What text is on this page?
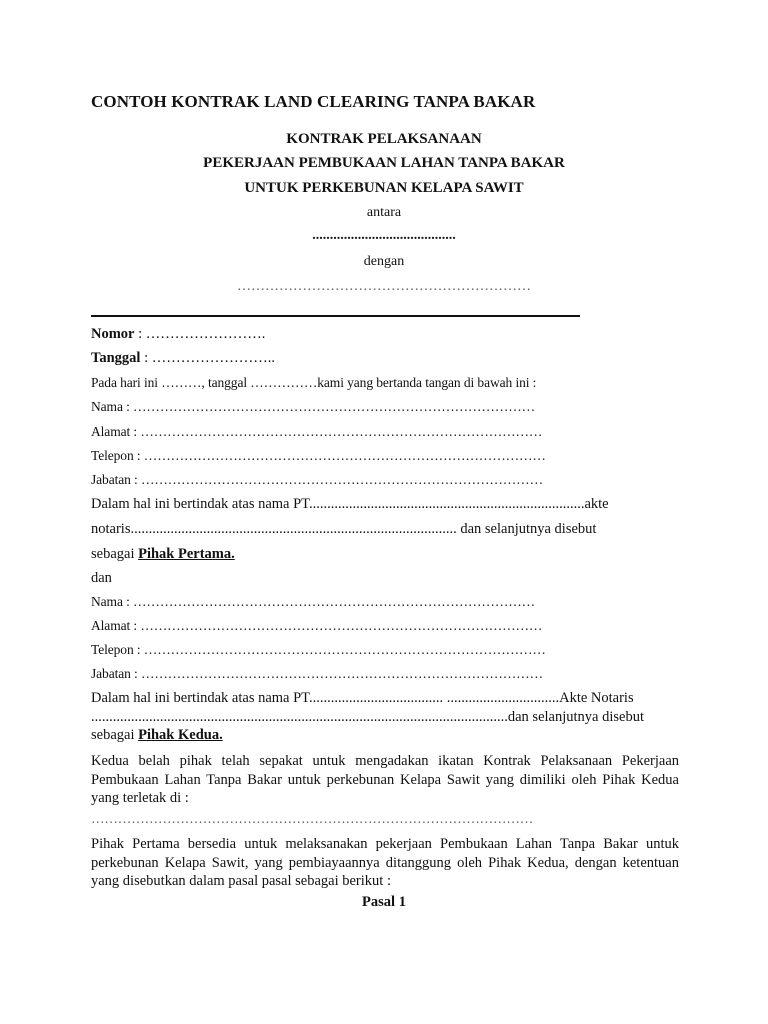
CONTOH KONTRAK LAND CLEARING TANPA BAKAR
KONTRAK PELAKSANAAN
PEKERJAAN PEMBUKAAN LAHAN TANPA BAKAR
UNTUK PERKEBUNAN KELAPA SAWIT
antara
.........................................
dengan
………………………………………………………
Nomor : …………………….
Tanggal : ……………………..
Pada hari ini ………, tanggal ……………kami yang bertanda tangan di bawah ini :
Nama : ………………………………………………………………………………
Alamat : ………………………………………………………………………………
Telepon : ………………………………………………………………………………
Jabatan : ………………………………………………………………………………
Dalam hal ini bertindak atas nama PT............................................................................akte
notaris.......................................................................................... dan selanjutnya disebut
sebagai Pihak Pertama.
dan
Nama : ………………………………………………………………………………
Alamat : ………………………………………………………………………………
Telepon : ………………………………………………………………………………
Jabatan : ………………………………………………………………………………
Dalam hal ini bertindak atas nama PT..................................... ...............................Akte Notaris
...................................................................................................................dan selanjutnya disebut
sebagai Pihak Kedua.
Kedua belah pihak telah sepakat untuk mengadakan ikatan Kontrak Pelaksanaan Pekerjaan Pembukaan Lahan Tanpa Bakar untuk perkebunan Kelapa Sawit yang dimiliki oleh Pihak Kedua yang terletak di :
………………………………………………………………………………………
Pihak Pertama bersedia untuk melaksanakan pekerjaan Pembukaan Lahan Tanpa Bakar untuk perkebunan Kelapa Sawit, yang pembiayaannya ditanggung oleh Pihak Kedua, dengan ketentuan yang disebutkan dalam pasal pasal sebagai berikut :
Pasal 1
